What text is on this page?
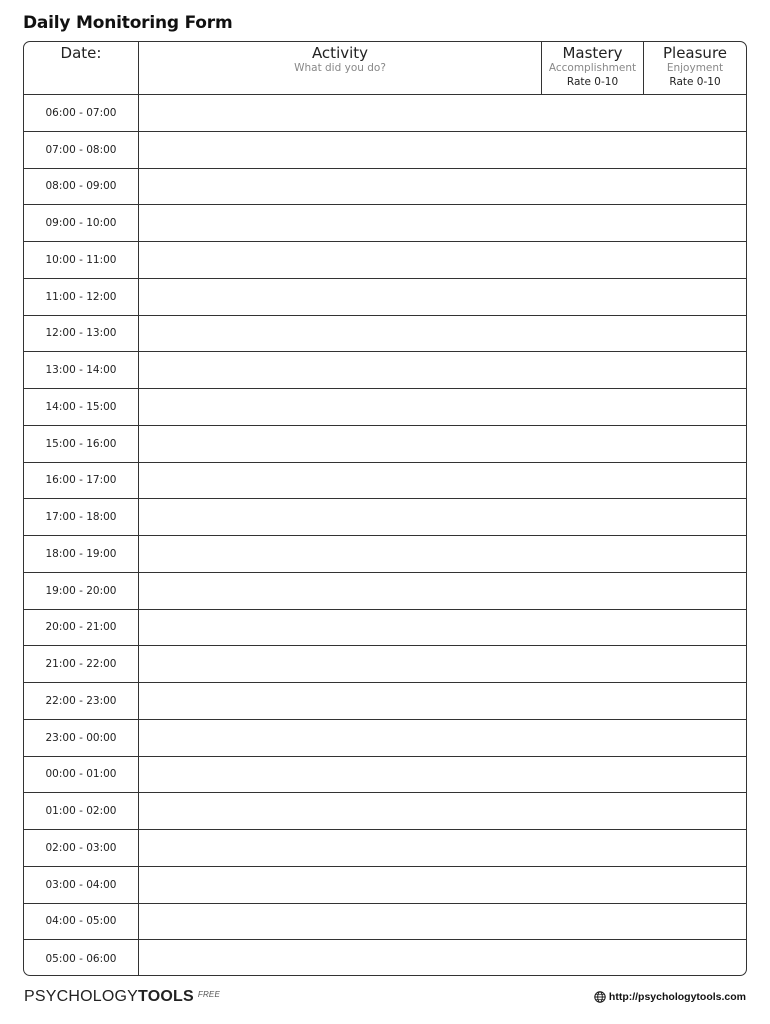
Daily Monitoring Form
Date:	Activity
What did you do?
Mastery
Accomplishment
Rate 0-10
Pleasure
Enjoyment
Rate 0-10
06:00 - 07:00
07:00 - 08:00
08:00 - 09:00
09:00 - 10:00
10:00 - 11:00
11:00 - 12:00
12:00 - 13:00
13:00 - 14:00
14:00 - 15:00
15:00 - 16:00
16:00 - 17:00
17:00 - 18:00
18:00 - 19:00
19:00 - 20:00
20:00 - 21:00
21:00 - 22:00
22:00 - 23:00
23:00 - 00:00
00:00 - 01:00
01:00 - 02:00
02:00 - 03:00
03:00 - 04:00
04:00 - 05:00
05:00 - 06:00
PSYCHOLOGY TOOLS FREE	http://psychologytools.com
